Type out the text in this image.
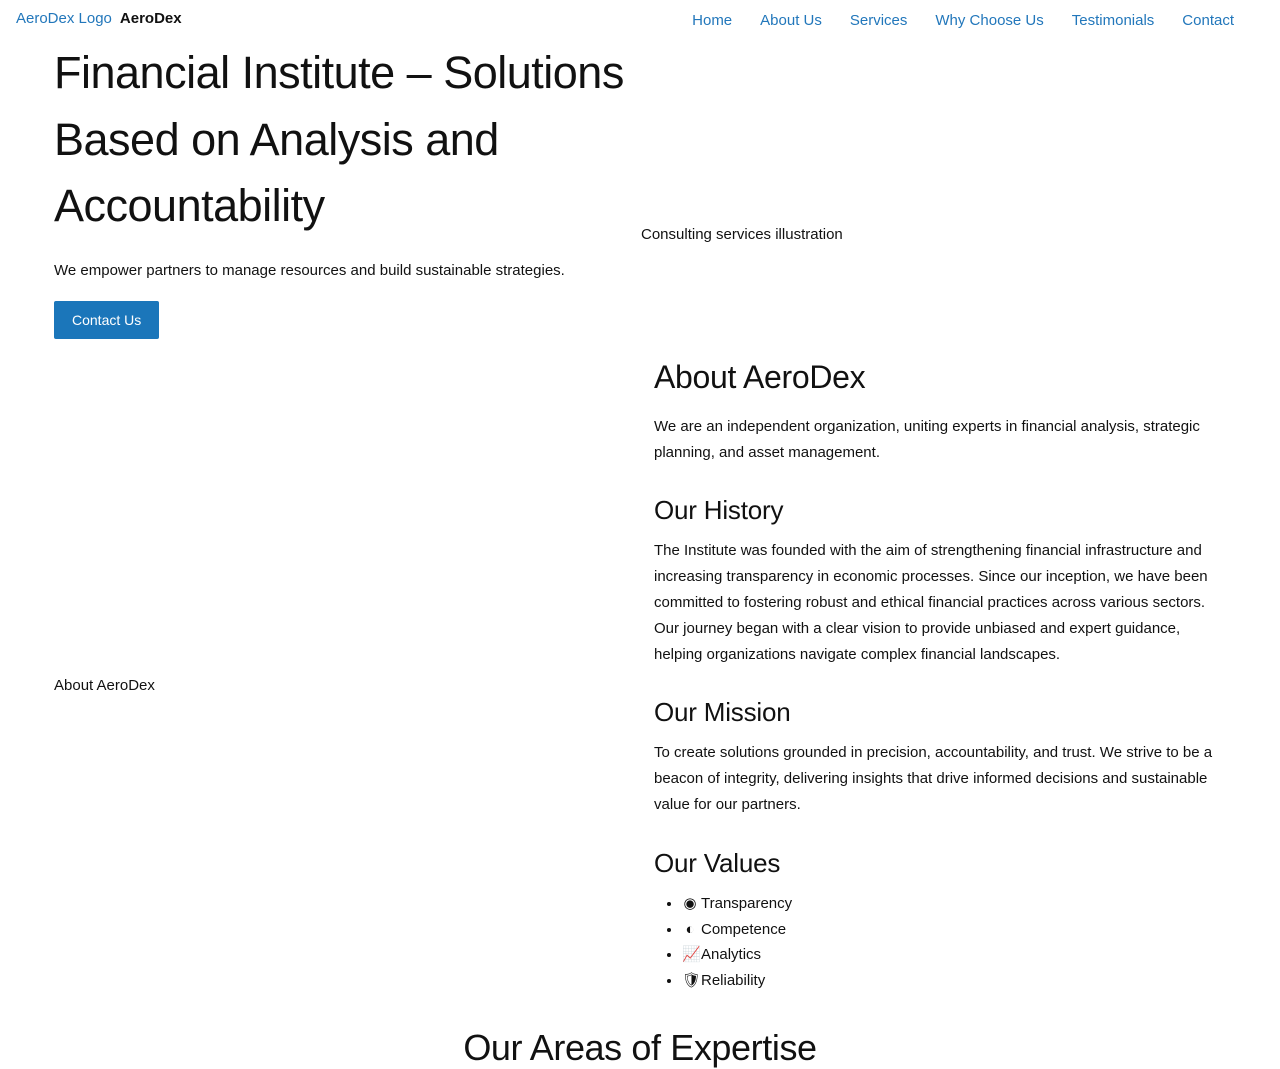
AeroDex Logo AeroDex	Home About Us Services Why Choose Us Testimonials Contact
Financial Institute – Solutions Based on Analysis and Accountability
Consulting services illustration

We empower partners to manage resources and build sustainable strategies.

Contact Us
About AeroDex
About AeroDex

We are an independent organization, uniting experts in financial analysis, strategic planning, and asset management.

Our History

The Institute was founded with the aim of strengthening financial infrastructure and increasing transparency in economic processes. Since our inception, we have been committed to fostering robust and ethical financial practices across various sectors. Our journey began with a clear vision to provide unbiased and expert guidance, helping organizations navigate complex financial landscapes.

Our Mission

To create solutions grounded in precision, accountability, and trust. We strive to be a beacon of integrity, delivering insights that drive informed decisions and sustainable value for our partners.

Our Values
• ◉ Transparency
• ◐ Competence
• 📈Analytics
• 🛡Reliability
Our Areas of Expertise
